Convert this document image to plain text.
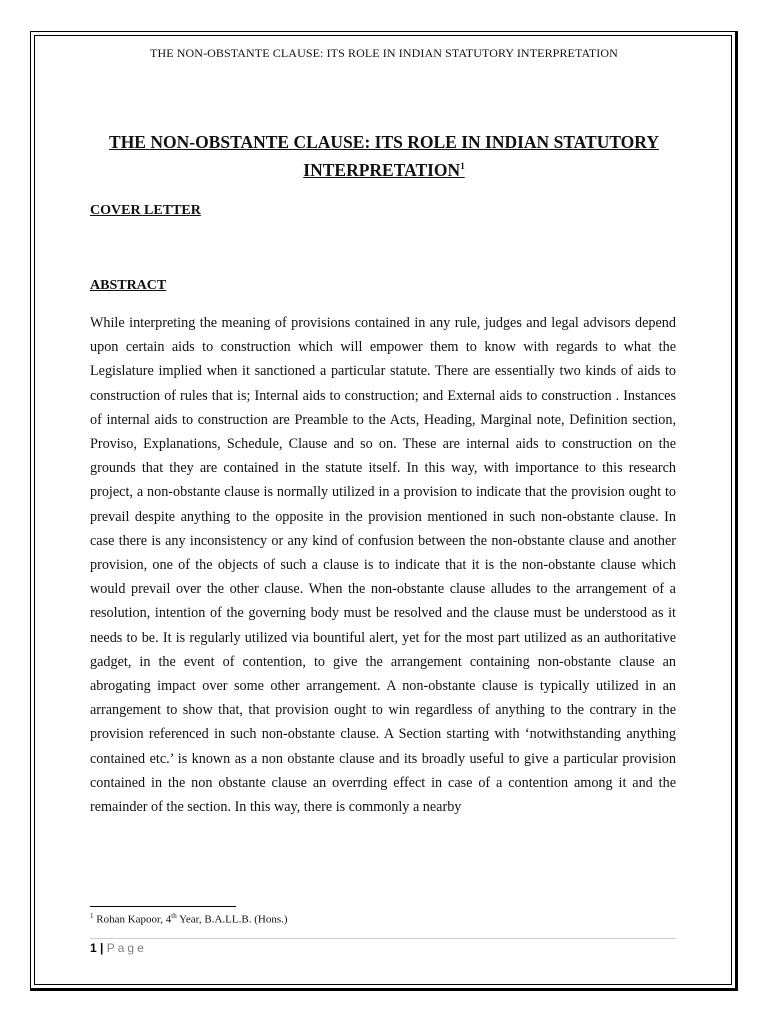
THE NON-OBSTANTE CLAUSE: ITS ROLE IN INDIAN STATUTORY INTERPRETATION
THE NON-OBSTANTE CLAUSE: ITS ROLE IN INDIAN STATUTORY
INTERPRETATION$^1$
COVER LETTER
ABSTRACT

While interpreting the meaning of provisions contained in any rule, judges and legal advisors depend upon certain aids to construction which will empower them to know with regards to what the Legislature implied when it sanctioned a particular statute. There are essentially two kinds of aids to construction of rules that is; Internal aids to construction; and External aids to construction . Instances of internal aids to construction are Preamble to the Acts, Heading, Marginal note, Definition section, Proviso, Explanations, Schedule, Clause and so on. These are internal aids to construction on the grounds that they are contained in the statute itself. In this way, with importance to this research project, a non-obstante clause is normally utilized in a provision to indicate that the provision ought to prevail despite anything to the opposite in the provision mentioned in such non-obstante clause. In case there is any inconsistency or any kind of confusion between the non-obstante clause and another provision, one of the objects of such a clause is to indicate that it is the non-obstante clause which would prevail over the other clause. When the non-obstante clause alludes to the arrangement of a resolution, intention of the governing body must be resolved and the clause must be understood as it needs to be. It is regularly utilized via bountiful alert, yet for the most part utilized as an authoritative gadget, in the event of contention, to give the arrangement containing non-obstante clause an abrogating impact over some other arrangement. A non-obstante clause is typically utilized in an arrangement to show that, that provision ought to win regardless of anything to the contrary in the provision referenced in such non-obstante clause. A Section starting with ‘notwithstanding anything contained etc.’ is known as a non obstante clause and its broadly useful to give a particular provision contained in the non obstante clause an overrding effect in case of a contention among it and the remainder of the section. In this way, there is commonly a nearby

$^1$ Rohan Kapoor, 4th Year, B.A.LL.B. (Hons.)
1 | Page
